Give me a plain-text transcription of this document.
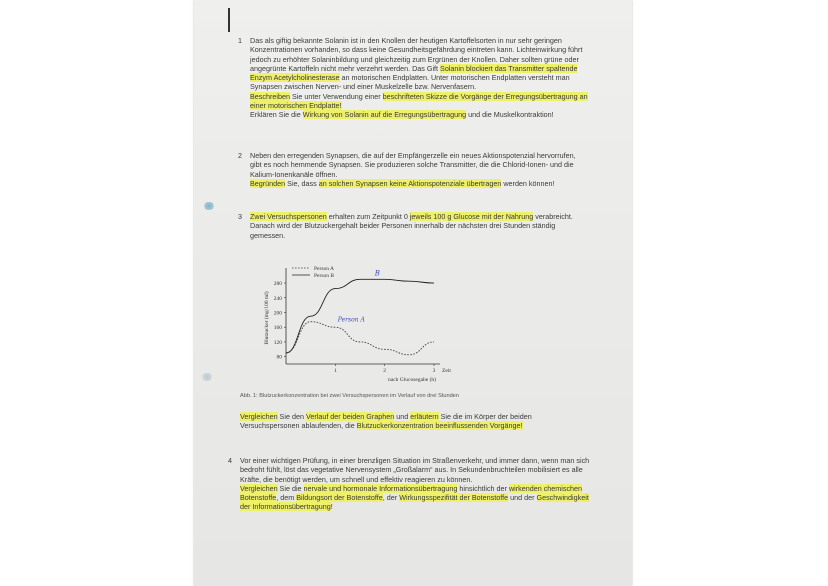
1 Das als giftig bekannte Solanin ist in den Knollen der heutigen Kartoffelsorten in nur sehr geringen Konzentrationen vorhanden, so dass keine Gesundheitsgefährdung eintreten kann. Lichteinwirkung führt jedoch zu erhöhter Solaninbildung und gleichzeitig zum Ergrünen der Knollen. Daher sollten grüne oder angegrünte Kartoffeln nicht mehr verzehrt werden. Das Gift Solanin blockiert das Transmitter spaltende Enzym Acetylcholinesterase an motorischen Endplatten. Unter motorischen Endplatten versteht man Synapsen zwischen Nerven- und einer Muskelzelle bzw. Nervenfasern.
Beschreiben Sie unter Verwendung einer beschrifteten Skizze die Vorgänge der Erregungsübertragung an einer motorischen Endplatte!
Erklären Sie die Wirkung von Solanin auf die Erregungsübertragung und die Muskelkontraktion!

2 Neben den erregenden Synapsen, die auf der Empfängerzelle ein neues Aktionspotenzial hervorrufen, gibt es noch hemmende Synapsen. Sie produzieren solche Transmitter, die die Chlorid-Ionen- und die Kalium-Ionenkanäle öffnen.
Begründen Sie, dass an solchen Synapsen keine Aktionspotenziale übertragen werden können!

3 Zwei Versuchspersonen erhalten zum Zeitpunkt 0 jeweils 100 g Glucose mit der Nahrung verabreicht. Danach wird der Blutzuckergehalt beider Personen innerhalb der nächsten drei Stunden ständig gemessen.

80
120
160
200
240
280
1	2	3 Zeit
nach Glucosegabe (h)
Blutzucker (mg/100 ml)
Person A
Person B	B
Person A
Abb. 1: Blutzuckerkonzentration bei zwei Versuchspersonen im Verlauf von drei Stunden

Vergleichen Sie den Verlauf der beiden Graphen und erläutern Sie die im Körper der beiden Versuchspersonen ablaufenden, die Blutzuckerkonzentration beeinflussenden Vorgänge!

4 Vor einer wichtigen Prüfung, in einer brenzligen Situation im Straßenverkehr, und immer dann, wenn man sich bedroht fühlt, löst das vegetative Nervensystem „Großalarm“ aus. In Sekundenbruchteilen mobilisiert es alle Kräfte, die benötigt werden, um schnell und effektiv reagieren zu können.
Vergleichen Sie die nervale und hormonale Informationsübertragung hinsichtlich der wirkenden chemischen Botenstoffe, dem Bildungsort der Botenstoffe, der Wirkungsspezifität der Botenstoffe und der Geschwindigkeit der Informationsübertragung!
